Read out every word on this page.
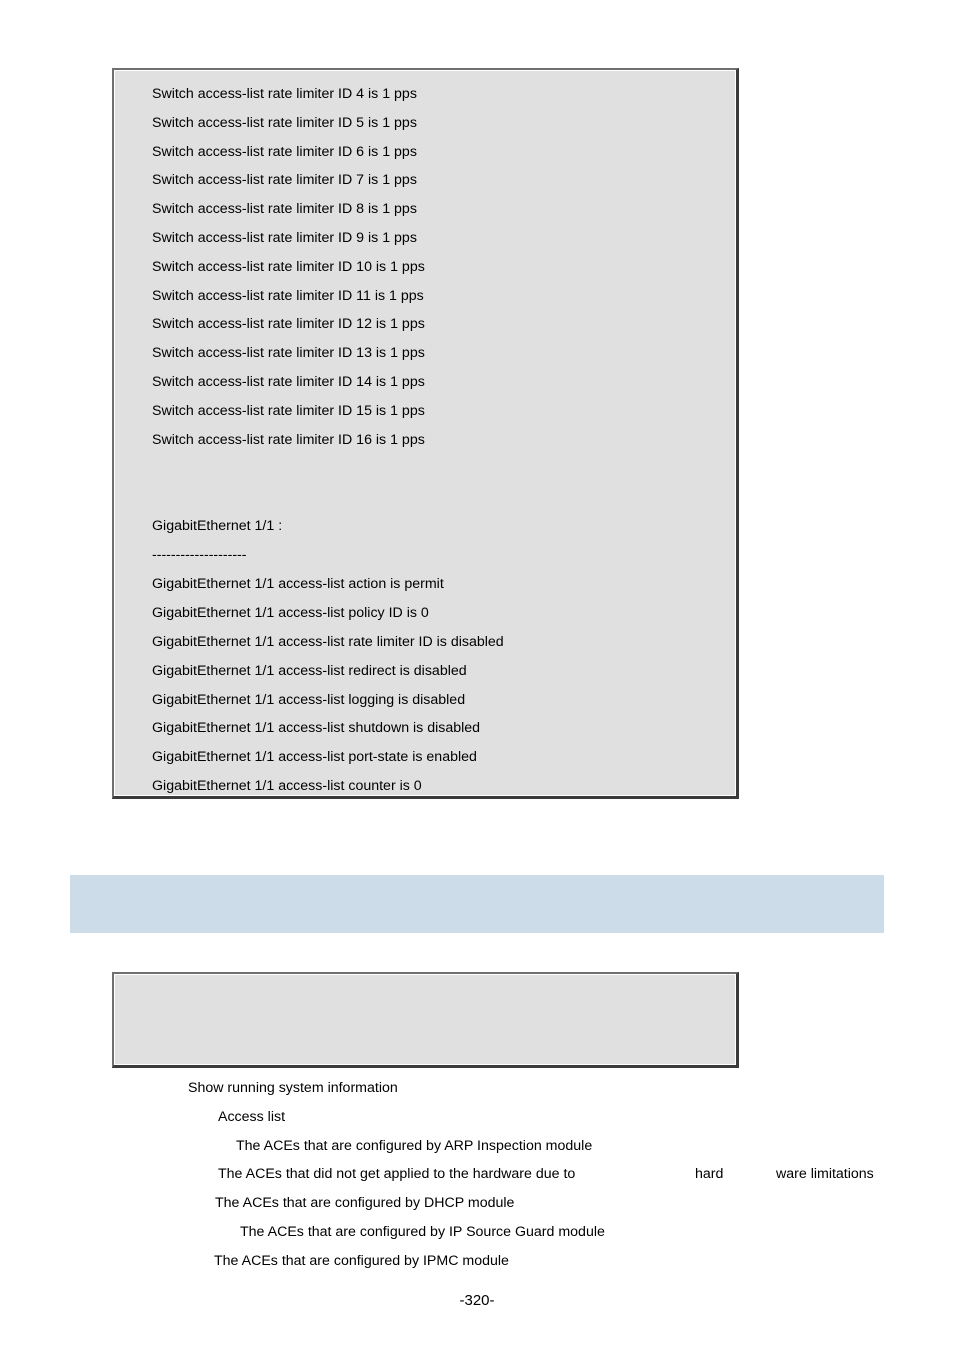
Switch access-list rate limiter ID 4 is 1 pps
Switch access-list rate limiter ID 5 is 1 pps
Switch access-list rate limiter ID 6 is 1 pps
Switch access-list rate limiter ID 7 is 1 pps
Switch access-list rate limiter ID 8 is 1 pps
Switch access-list rate limiter ID 9 is 1 pps
Switch access-list rate limiter ID 10 is 1 pps
Switch access-list rate limiter ID 11 is 1 pps
Switch access-list rate limiter ID 12 is 1 pps
Switch access-list rate limiter ID 13 is 1 pps
Switch access-list rate limiter ID 14 is 1 pps
Switch access-list rate limiter ID 15 is 1 pps
Switch access-list rate limiter ID 16 is 1 pps
GigabitEthernet 1/1 :
--------------------
GigabitEthernet 1/1 access-list action is permit
GigabitEthernet 1/1 access-list policy ID is 0
GigabitEthernet 1/1 access-list rate limiter ID is disabled
GigabitEthernet 1/1 access-list redirect is disabled
GigabitEthernet 1/1 access-list logging is disabled
GigabitEthernet 1/1 access-list shutdown is disabled
GigabitEthernet 1/1 access-list port-state is enabled
GigabitEthernet 1/1 access-list counter is 0
Show running system information
Access list
The ACEs that are configured by ARP Inspection module
The ACEs that did not get applied to the hardware due to	hard	ware limitations
The ACEs that are configured by DHCP module
The ACEs that are configured by IP Source Guard module
The ACEs that are configured by IPMC module
-320-
